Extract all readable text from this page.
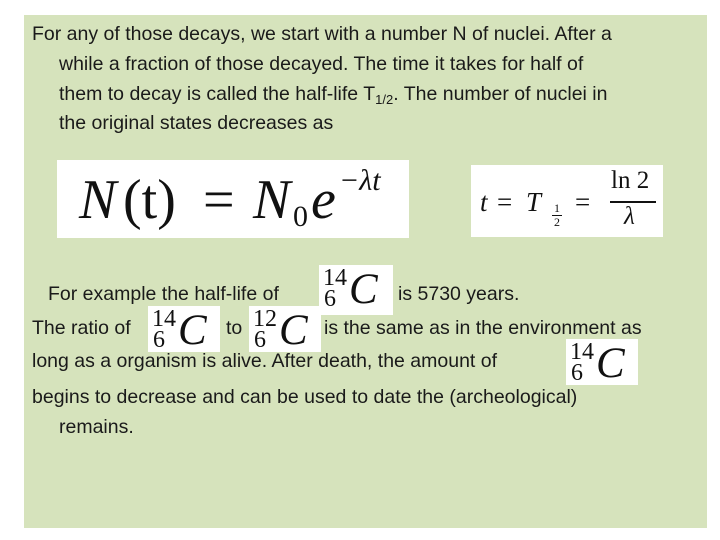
For any of those decays, we start with a number N of nuclei. After a
while a fraction of those decayed. The time it takes for half of
them to decay is called the half-life $T_{1/2}$. The number of nuclei in
the original states decreases as
N (t) = N 0 e −λt
t = T 1
2
=
ln 2
λ
For example the half-life of
14
6 C is 5730 years.
The ratio of 14
6 C to 12
6 C is the same as in the environment as
long as a organism is alive. After death, the amount of	14
6 C
begins to decrease and can be used to date the (archeological)
remains.
